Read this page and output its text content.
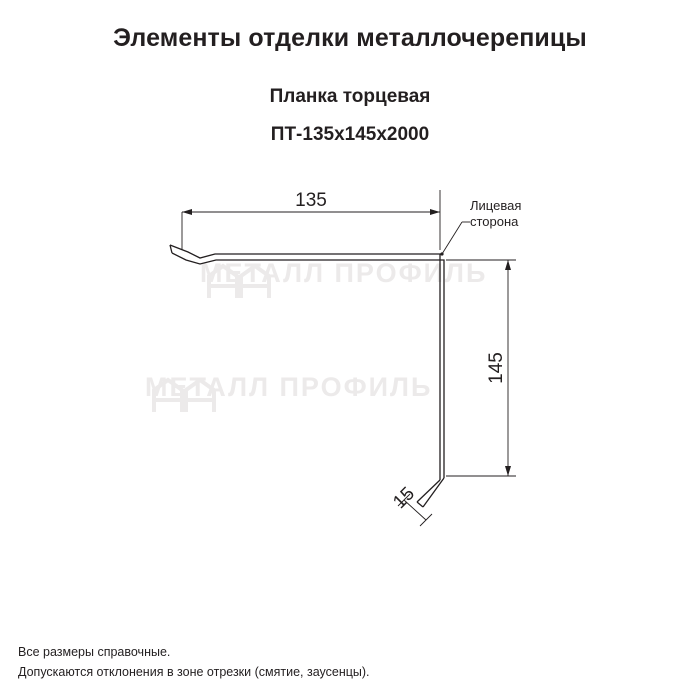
Элементы отделки металлочерепицы
Планка торцевая
ПТ-135х145х2000
МЕТАЛЛ ПРОФИЛЬ
МЕТАЛЛ ПРОФИЛЬ
135
145
15
Лицевая
сторона
Все размеры справочные.
Допускаются отклонения в зоне отрезки (смятие, заусенцы).
